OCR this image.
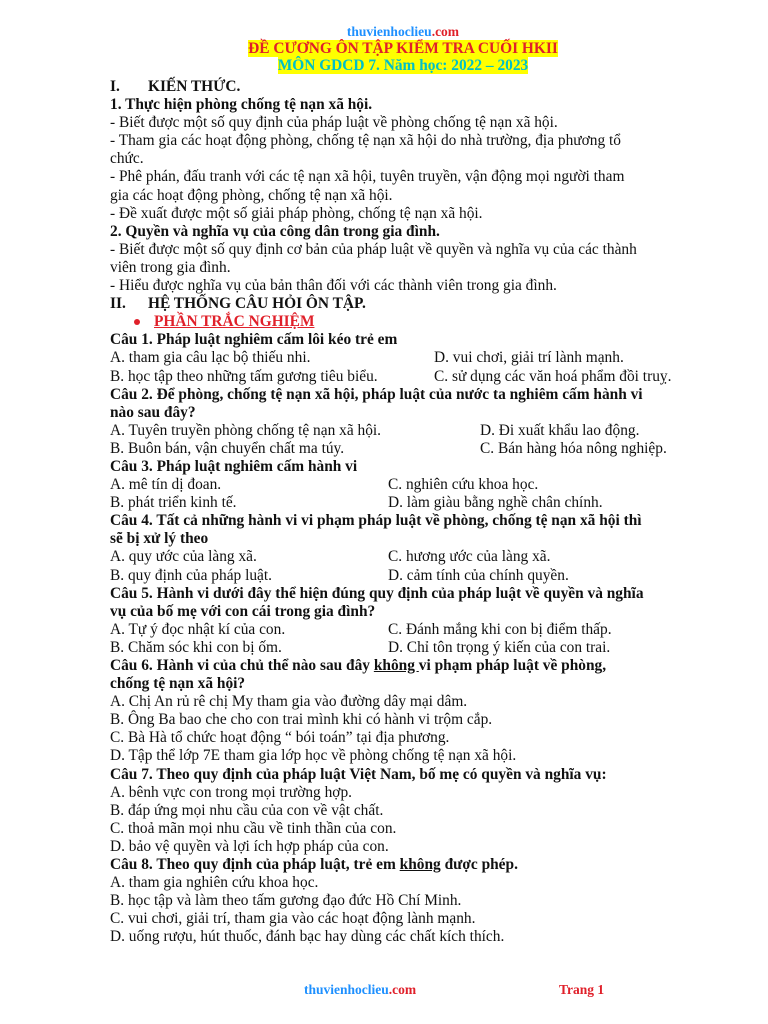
thuvienhoclieu.com
ĐỀ CƯƠNG ÔN TẬP KIỂM TRA CUỐI HKII
MÔN GDCD 7. Năm học: 2022 – 2023
I. KIẾN THỨC.
1. Thực hiện phòng chống tệ nạn xã hội.
- Biết được một số quy định của pháp luật về phòng chống tệ nạn xã hội.
- Tham gia các hoạt động phòng, chống tệ nạn xã hội do nhà trường, địa phương tổ
chức.
- Phê phán, đấu tranh với các tệ nạn xã hội, tuyên truyền, vận động mọi người tham
gia các hoạt động phòng, chống tệ nạn xã hội.
- Đề xuất được một số giải pháp phòng, chống tệ nạn xã hội.
2. Quyền và nghĩa vụ của công dân trong gia đình.
- Biết được một số quy định cơ bản của pháp luật về quyền và nghĩa vụ của các thành
viên trong gia đình.
- Hiểu được nghĩa vụ của bản thân đối với các thành viên trong gia đình.
II. HỆ THỐNG CÂU HỎI ÔN TẬP.
PHẦN TRẮC NGHIỆM
Câu 1. Pháp luật nghiêm cấm lôi kéo trẻ em
A. tham gia câu lạc bộ thiếu nhi.	D. vui chơi, giải trí lành mạnh.
B. học tập theo những tấm gương tiêu biểu.	C. sử dụng các văn hoá phẩm đồi truỵ.
Câu 2. Để phòng, chống tệ nạn xã hội, pháp luật của nước ta nghiêm cấm hành vi
nào sau đây?
A. Tuyên truyền phòng chống tệ nạn xã hội.	D. Đi xuất khẩu lao động.
B. Buôn bán, vận chuyển chất ma túy.	C. Bán hàng hóa nông nghiệp.
Câu 3. Pháp luật nghiêm cấm hành vi
A. mê tín dị đoan.	C. nghiên cứu khoa học.
B. phát triển kinh tế.	D. làm giàu bằng nghề chân chính.
Câu 4. Tất cả những hành vi vi phạm pháp luật về phòng, chống tệ nạn xã hội thì
sẽ bị xử lý theo
A. quy ước của làng xã.	C. hương ước của làng xã.
B. quy định của pháp luật.	D. cảm tính của chính quyền.
Câu 5. Hành vi dưới đây thể hiện đúng quy định của pháp luật về quyền và nghĩa
vụ của bố mẹ với con cái trong gia đình?
A. Tự ý đọc nhật kí của con.	C. Đánh mắng khi con bị điểm thấp.
B. Chăm sóc khi con bị ốm.	D. Chỉ tôn trọng ý kiến của con trai.
Câu 6. Hành vi của chủ thể nào sau đây không vi phạm pháp luật về phòng,
chống tệ nạn xã hội?
A. Chị An rủ rê chị My tham gia vào đường dây mại dâm.
B. Ông Ba bao che cho con trai mình khi có hành vi trộm cắp.
C. Bà Hà tổ chức hoạt động “ bói toán” tại địa phương.
D. Tập thể lớp 7E tham gia lớp học về phòng chống tệ nạn xã hội.
Câu 7. Theo quy định của pháp luật Việt Nam, bố mẹ có quyền và nghĩa vụ:
A. bênh vực con trong mọi trường hợp.
B. đáp ứng mọi nhu cầu của con về vật chất.
C. thoả mãn mọi nhu cầu về tinh thần của con.
D. bảo vệ quyền và lợi ích hợp pháp của con.
Câu 8. Theo quy định của pháp luật, trẻ em không được phép.
A. tham gia nghiên cứu khoa học.
B. học tập và làm theo tấm gương đạo đức Hồ Chí Minh.
C. vui chơi, giải trí, tham gia vào các hoạt động lành mạnh.
D. uống rượu, hút thuốc, đánh bạc hay dùng các chất kích thích.
thuvienhoclieu.com	Trang 1
